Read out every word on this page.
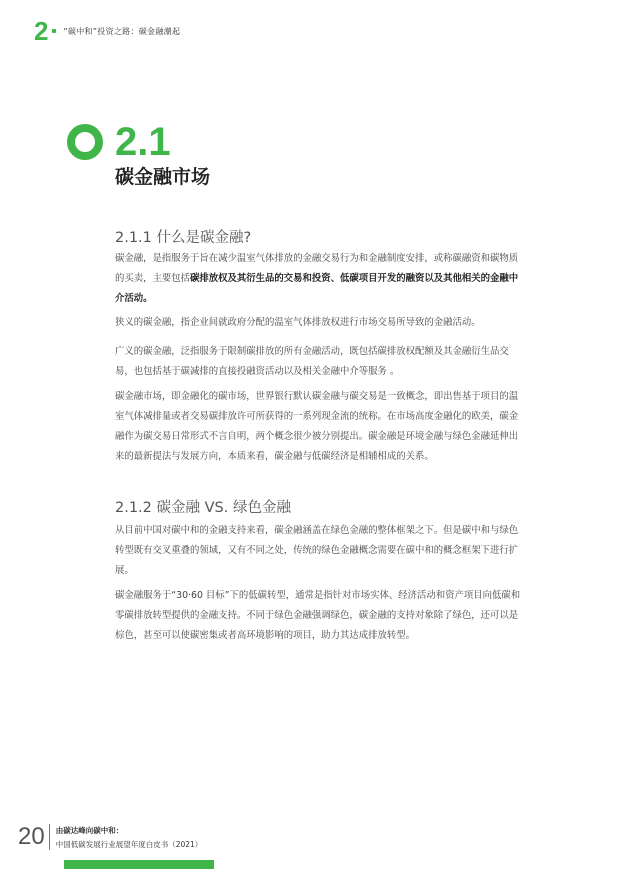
2 “碳中和”投资之路：碳金融潮起
2.1
碳金融市场
2.1.1 什么是碳金融?

碳金融，是指服务于旨在减少温室气体排放的金融交易行为和金融制度安排，或称碳融资和碳物质的买卖，主要包括碳排放权及其衍生品的交易和投资、低碳项目开发的融资以及其他相关的金融中介活动。

狭义的碳金融，指企业间就政府分配的温室气体排放权进行市场交易所导致的金融活动。

广义的碳金融，泛指服务于限制碳排放的所有金融活动，既包括碳排放权配额及其金融衍生品交易，也包括基于碳减排的直接投融资活动以及相关金融中介等服务 。

碳金融市场，即金融化的碳市场，世界银行默认碳金融与碳交易是一致概念，即出售基于项目的温室气体减排量或者交易碳排放许可所获得的一系列现金流的统称。在市场高度金融化的欧美，碳金融作为碳交易日常形式不言自明，两个概念很少被分别提出。碳金融是环境金融与绿色金融延伸出来的最新提法与发展方向，本质来看，碳金融与低碳经济是相辅相成的关系。

2.1.2 碳金融 VS. 绿色金融

从目前中国对碳中和的金融支持来看，碳金融涵盖在绿色金融的整体框架之下。但是碳中和与绿色转型既有交叉重叠的领域，又有不同之处，传统的绿色金融概念需要在碳中和的概念框架下进行扩展。

碳金融服务于“30·60 目标”下的低碳转型，通常是指针对市场实体、经济活动和资产项目向低碳和零碳排放转型提供的金融支持。不同于绿色金融强调绿色，碳金融的支持对象除了绿色，还可以是棕色，甚至可以使碳密集或者高环境影响的项目，助力其达成排放转型。

20 由碳达峰向碳中和：
中国低碳发展行业展望年度白皮书（2021）
